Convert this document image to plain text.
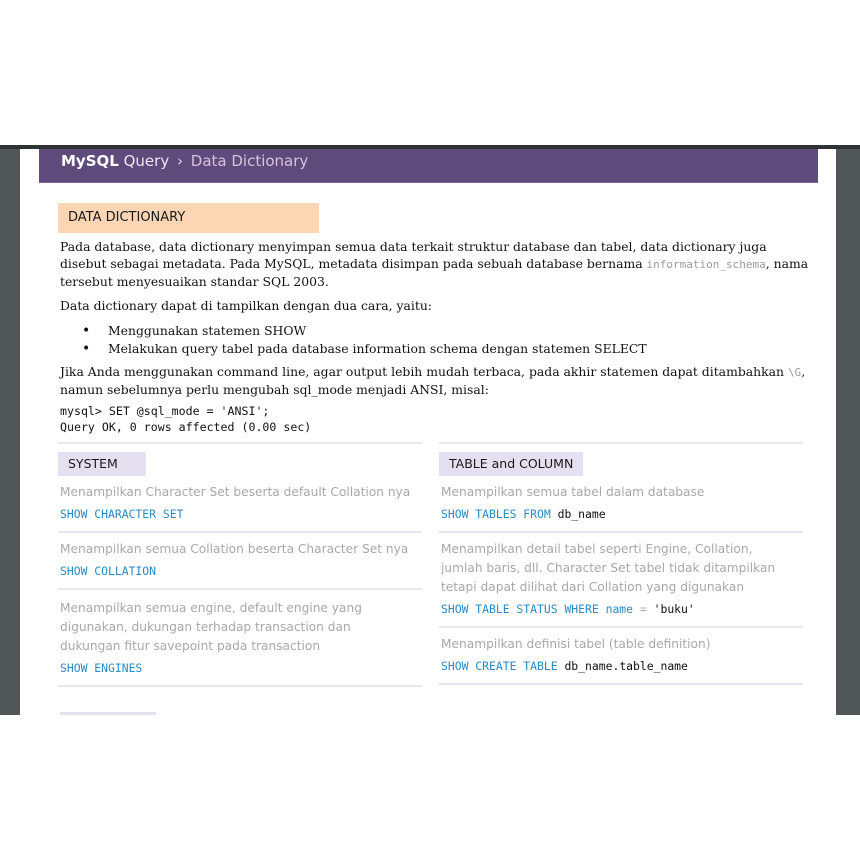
MySQL Query › Data Dictionary
DATA DICTIONARY
Pada database, data dictionary menyimpan semua data terkait struktur database dan tabel, data dictionary juga disebut sebagai metadata. Pada MySQL, metadata disimpan pada sebuah database bernama information_schema, nama tersebut menyesuaikan standar SQL 2003.
Data dictionary dapat di tampilkan dengan dua cara, yaitu:
• Menggunakan statemen SHOW
• Melakukan query tabel pada database information schema dengan statemen SELECT
Jika Anda menggunakan command line, agar output lebih mudah terbaca, pada akhir statemen dapat ditambahkan \G, namun sebelumnya perlu mengubah sql_mode menjadi ANSI, misal:
mysql> SET @sql_mode = 'ANSI';
Query OK, 0 rows affected (0.00 sec)
SYSTEM
Menampilkan Character Set beserta default Collation nya
SHOW CHARACTER SET
Menampilkan semua Collation beserta Character Set nya
SHOW COLLATION
Menampilkan semua engine, default engine yang digunakan, dukungan terhadap transaction dan dukungan fitur savepoint pada transaction
SHOW ENGINES
TABLE and COLUMN
Menampilkan semua tabel dalam database
SHOW TABLES FROM db_name
Menampilkan detail tabel seperti Engine, Collation, jumlah baris, dll. Character Set tabel tidak ditampilkan tetapi dapat dilihat dari Collation yang digunakan
SHOW TABLE STATUS WHERE name = 'buku'
Menampilkan definisi tabel (table definition)
SHOW CREATE TABLE db_name.table_name
